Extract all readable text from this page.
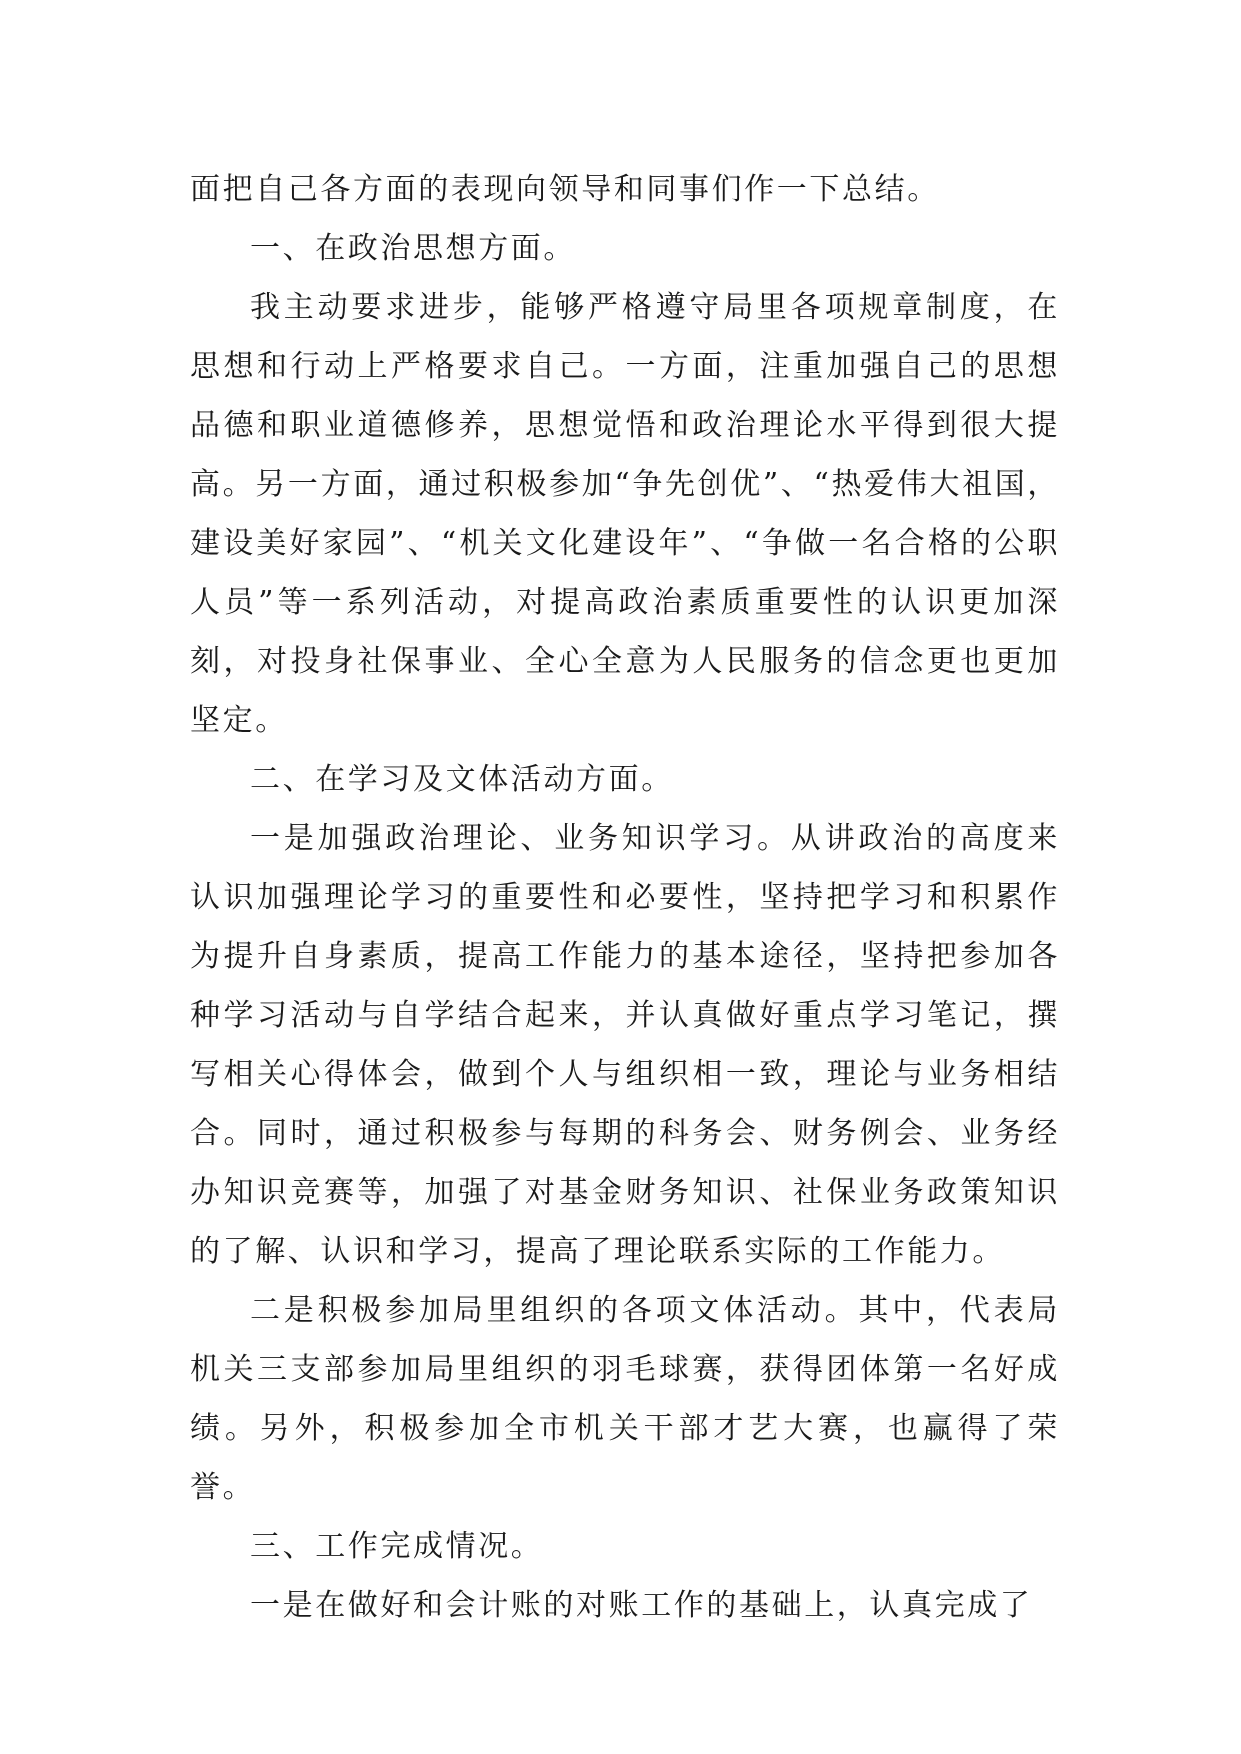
面把自己各方面的表现向领导和同事们作一下总结。

一、在政治思想方面。

我主动要求进步，能够严格遵守局里各项规章制度，在思想和行动上严格要求自己。一方面，注重加强自己的思想品德和职业道德修养，思想觉悟和政治理论水平得到很大提高。另一方面，通过积极参加“争先创优”、“热爱伟大祖国，建设美好家园”、“机关文化建设年”、“争做一名合格的公职人员”等一系列活动，对提高政治素质重要性的认识更加深刻，对投身社保事业、全心全意为人民服务的信念更也更加坚定。

二、在学习及文体活动方面。

一是加强政治理论、业务知识学习。从讲政治的高度来认识加强理论学习的重要性和必要性，坚持把学习和积累作为提升自身素质，提高工作能力的基本途径，坚持把参加各种学习活动与自学结合起来，并认真做好重点学习笔记，撰写相关心得体会，做到个人与组织相一致，理论与业务相结合。同时，通过积极参与每期的科务会、财务例会、业务经办知识竞赛等，加强了对基金财务知识、社保业务政策知识的了解、认识和学习，提高了理论联系实际的工作能力。

二是积极参加局里组织的各项文体活动。其中，代表局机关三支部参加局里组织的羽毛球赛，获得团体第一名好成绩。另外，积极参加全市机关干部才艺大赛，也赢得了荣誉。

三、工作完成情况。

一是在做好和会计账的对账工作的基础上，认真完成了
